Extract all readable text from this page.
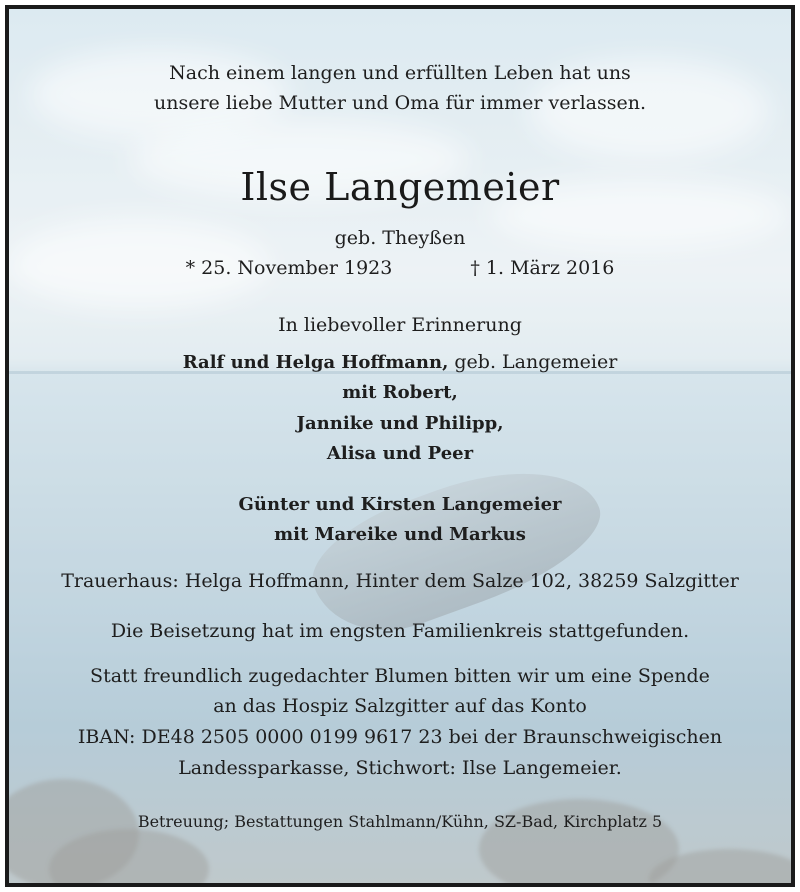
Nach einem langen und erfüllten Leben hat uns
unsere liebe Mutter und Oma für immer verlassen.
Ilse Langemeier
geb. Theyßen
* 25. November 1923	† 1. März 2016
In liebevoller Erinnerung
Ralf und Helga Hoffmann, geb. Langemeier
mit Robert,
Jannike und Philipp,
Alisa und Peer
Günter und Kirsten Langemeier
mit Mareike und Markus
Trauerhaus: Helga Hoffmann, Hinter dem Salze 102, 38259 Salzgitter
Die Beisetzung hat im engsten Familienkreis stattgefunden.
Statt freundlich zugedachter Blumen bitten wir um eine Spende
an das Hospiz Salzgitter auf das Konto
IBAN: DE48 2505 0000 0199 9617 23 bei der Braunschweigischen
Landessparkasse, Stichwort: Ilse Langemeier.
Betreuung; Bestattungen Stahlmann/Kühn, SZ-Bad, Kirchplatz 5
